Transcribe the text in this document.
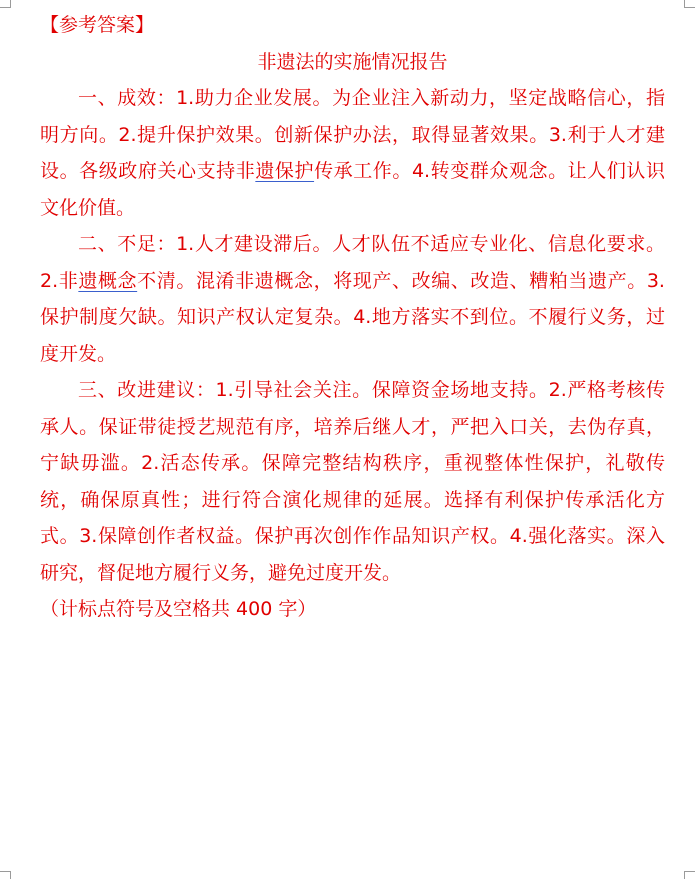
【参考答案】

非遗法的实施情况报告

一、成效：1.助力企业发展。为企业注入新动力，坚定战略信心，指明方向。2.提升保护效果。创新保护办法，取得显著效果。3.利于人才建设。各级政府关心支持非遗保护传承工作。4.转变群众观念。让人们认识文化价值。

二、不足：1.人才建设滞后。人才队伍不适应专业化、信息化要求。2.非遗概念不清。混淆非遗概念，将现产、改编、改造、糟粕当遗产。3.保护制度欠缺。知识产权认定复杂。4.地方落实不到位。不履行义务，过度开发。

三、改进建议：1.引导社会关注。保障资金场地支持。2.严格考核传承人。保证带徒授艺规范有序，培养后继人才，严把入口关，去伪存真，宁缺毋滥。2.活态传承。保障完整结构秩序，重视整体性保护，礼敬传统，确保原真性；进行符合演化规律的延展。选择有利保护传承活化方式。3.保障创作者权益。保护再次创作作品知识产权。4.强化落实。深入研究，督促地方履行义务，避免过度开发。

（计标点符号及空格共 400 字）
